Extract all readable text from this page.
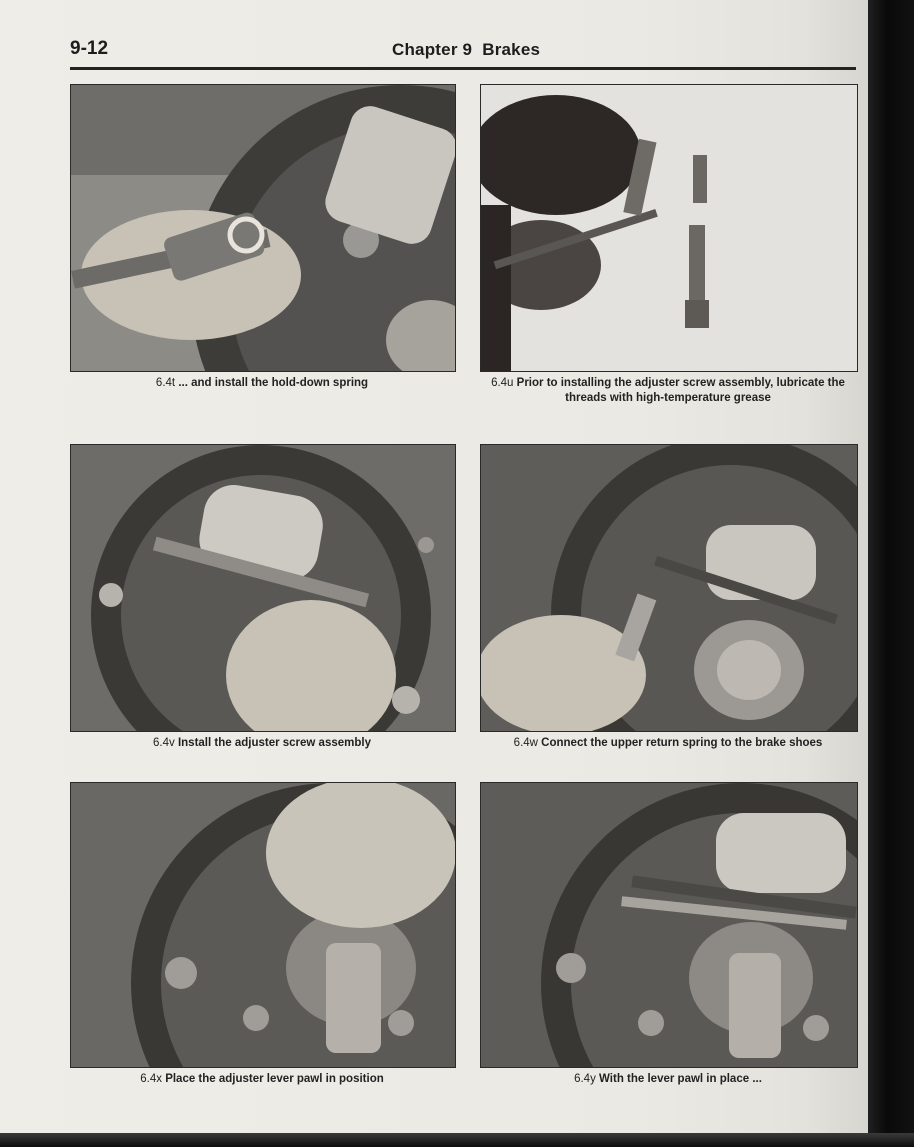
9-12	Chapter 9 Brakes
6.4t ... and install the hold-down spring	6.4u Prior to installing the adjuster screw assembly, lubricate the threads with high-temperature grease
6.4v Install the adjuster screw assembly	6.4w Connect the upper return spring to the brake shoes
6.4x Place the adjuster lever pawl in position	6.4y With the lever pawl in place ...
